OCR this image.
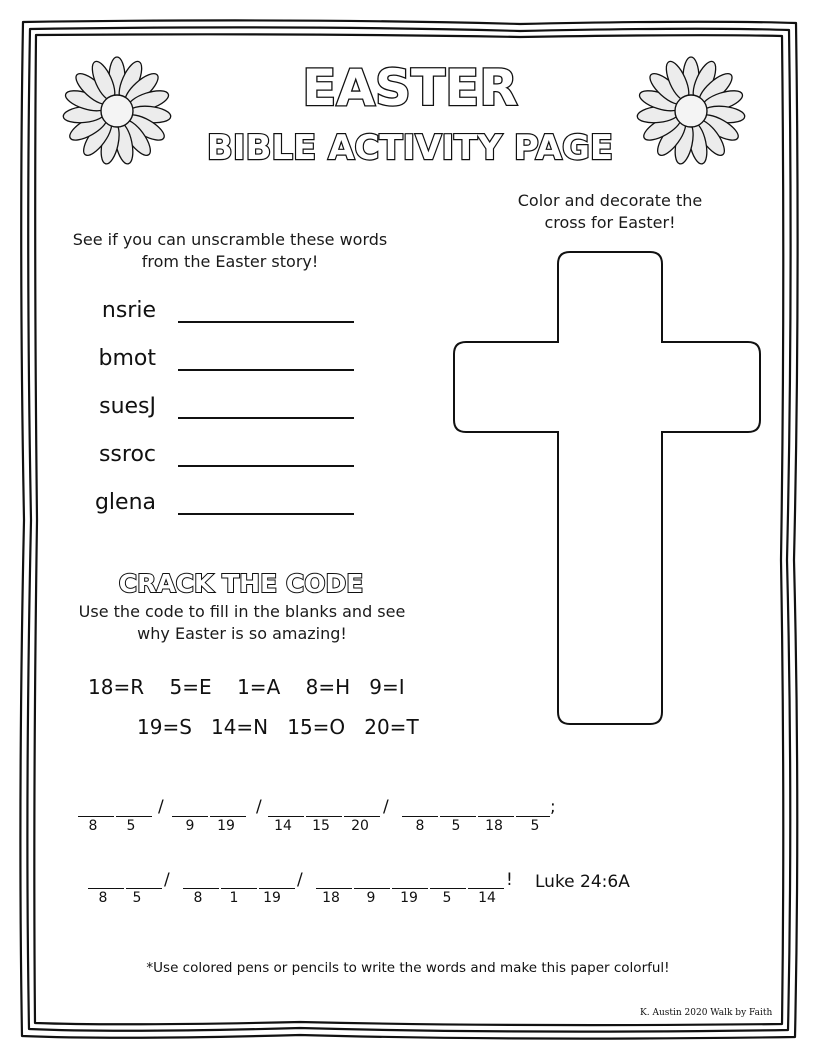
EASTER
BIBLE ACTIVITY PAGE
CRACK THE CODE
Color and decorate the
cross for Easter!
See if you can unscramble these words
from the Easter story!
nsrie
bmot
suesJ
ssroc
glena
Use the code to fill in the blanks and see
why Easter is so amazing!
18=R    5=E    1=A    8=H   9=I
19=S   14=N   15=O   20=T
/	/	/	;
8	5	9	19	14	15	20	8	5	18	5
/	/	!
8	5	8	1	19	18	9	19	5	14
Luke 24:6A
*Use colored pens or pencils to write the words and make this paper colorful!
K. Austin 2020 Walk by Faith
